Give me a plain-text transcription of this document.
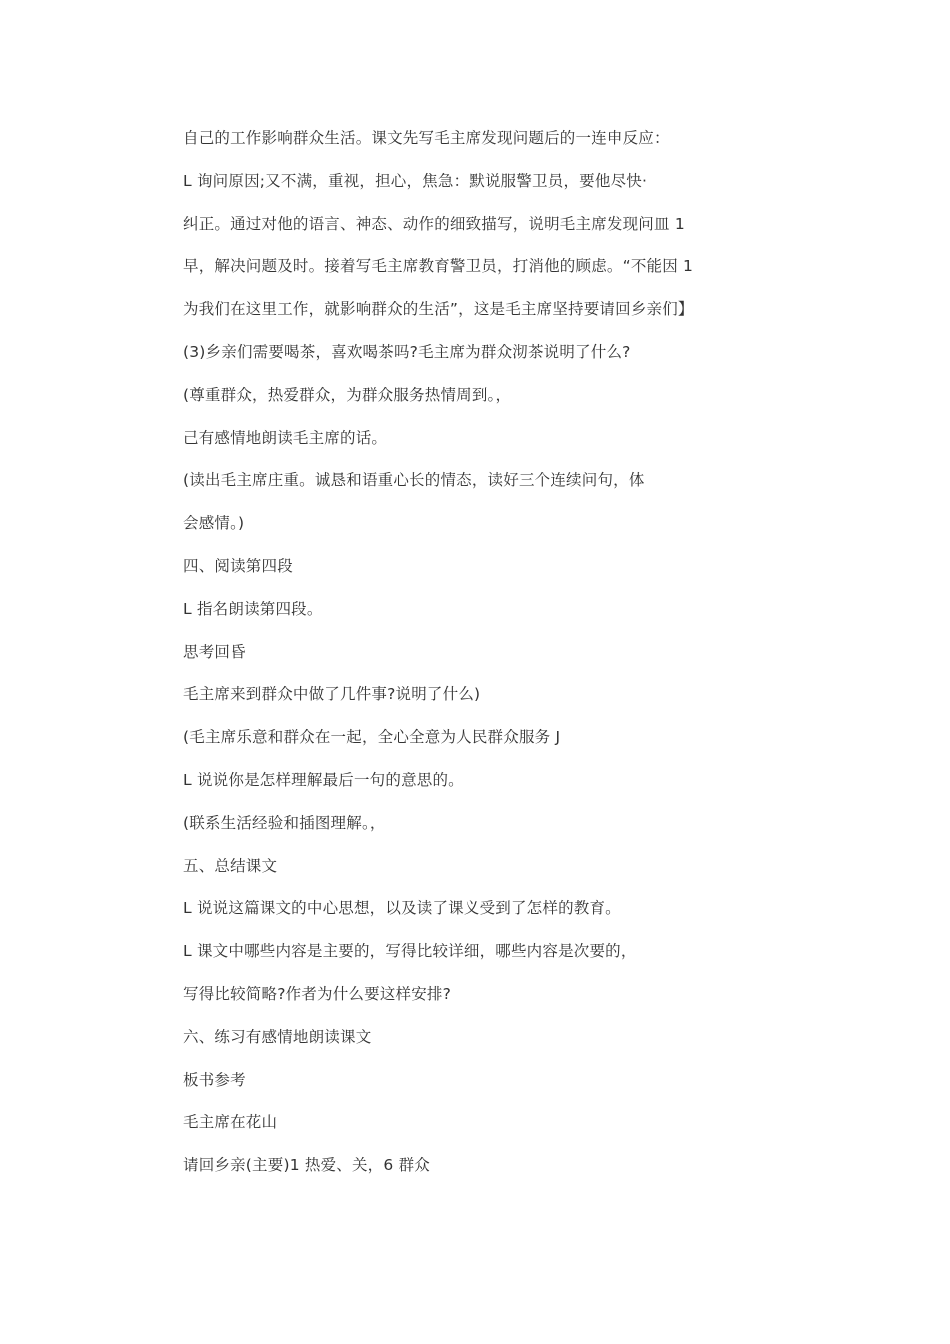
自己的工作影响群众生活。课文先写毛主席发现问题后的一连申反应：
L 询问原因;又不满，重视，担心，焦急：默说服警卫员，要他尽快·
纠正。通过对他的语言、神态、动作的细致描写，说明毛主席发现问皿 1
早，解决问题及时。接着写毛主席教育警卫员，打消他的顾虑。“不能因 1
为我们在这里工作，就影响群众的生活”，这是毛主席坚持要请回乡亲们】
(3)乡亲们需要喝茶，喜欢喝茶吗?毛主席为群众沏茶说明了什么?
(尊重群众，热爱群众，为群众服务热情周到。，
己有感情地朗读毛主席的话。
(读出毛主席庄重。诚恳和语重心长的情态，读好三个连续问句，体
会感情。)
四、阅读第四段
L 指名朗读第四段。
思考回昏
毛主席来到群众中做了几件事?说明了什么)
(毛主席乐意和群众在一起，全心全意为人民群众服务 J
L 说说你是怎样理解最后一句的意思的。
(联系生活经验和插图理解。，
五、总结课文
L 说说这篇课文的中心思想，以及读了课义受到了怎样的教育。
L 课文中哪些内容是主要的，写得比较详细，哪些内容是次要的，
写得比较简略?作者为什么要这样安排?
六、练习有感情地朗读课文
板书参考
毛主席在花山
请回乡亲(主要)1 热爱、关，6 群众
